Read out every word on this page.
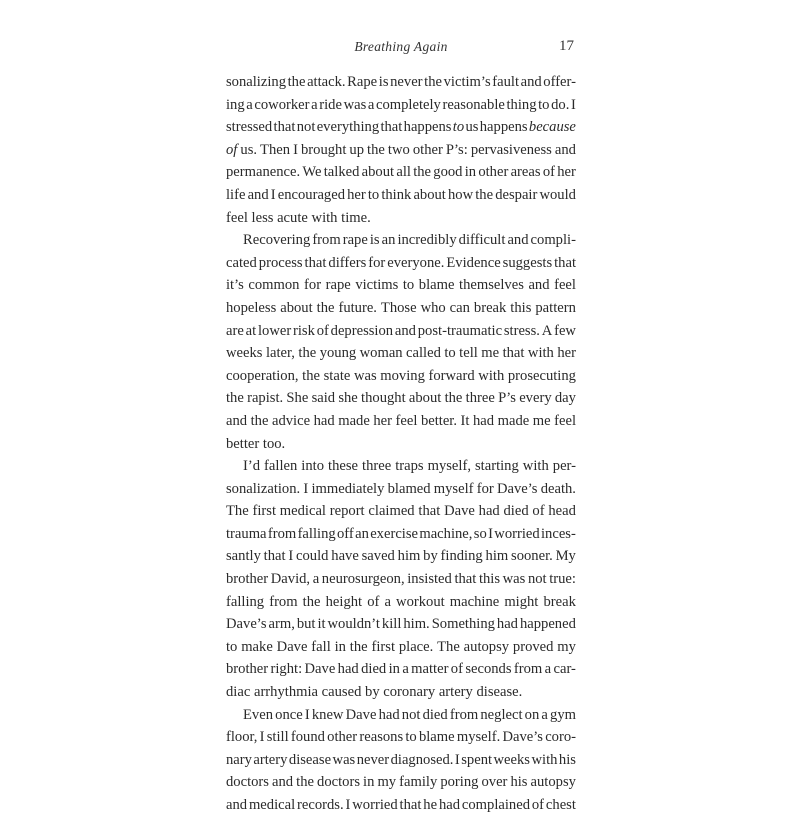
Breathing Again	17
sonalizing the attack. Rape is never the victim’s fault and offer-
ing a coworker a ride was a completely reasonable thing to do. I
stressed that not everything that happens to us happens because
of us. Then I brought up the two other P’s: pervasiveness and
permanence. We talked about all the good in other areas of her
life and I encouraged her to think about how the despair would
feel less acute with time.
Recovering from rape is an incredibly difficult and compli-
cated process that differs for everyone. Evidence suggests that
it’s common for rape victims to blame themselves and feel
hopeless about the future. Those who can break this pattern
are at lower risk of depression and post-traumatic stress. A few
weeks later, the young woman called to tell me that with her
cooperation, the state was moving forward with prosecuting
the rapist. She said she thought about the three P’s every day
and the advice had made her feel better. It had made me feel
better too.
I’d fallen into these three traps myself, starting with per-
sonalization. I immediately blamed myself for Dave’s death.
The first medical report claimed that Dave had died of head
trauma from falling off an exercise machine, so I worried inces-
santly that I could have saved him by finding him sooner. My
brother David, a neurosurgeon, insisted that this was not true:
falling from the height of a workout machine might break
Dave’s arm, but it wouldn’t kill him. Something had happened
to make Dave fall in the first place. The autopsy proved my
brother right: Dave had died in a matter of seconds from a car-
diac arrhythmia caused by coronary artery disease.
Even once I knew Dave had not died from neglect on a gym
floor, I still found other reasons to blame myself. Dave’s coro-
nary artery disease was never diagnosed. I spent weeks with his
doctors and the doctors in my family poring over his autopsy
and medical records. I worried that he had complained of chest
